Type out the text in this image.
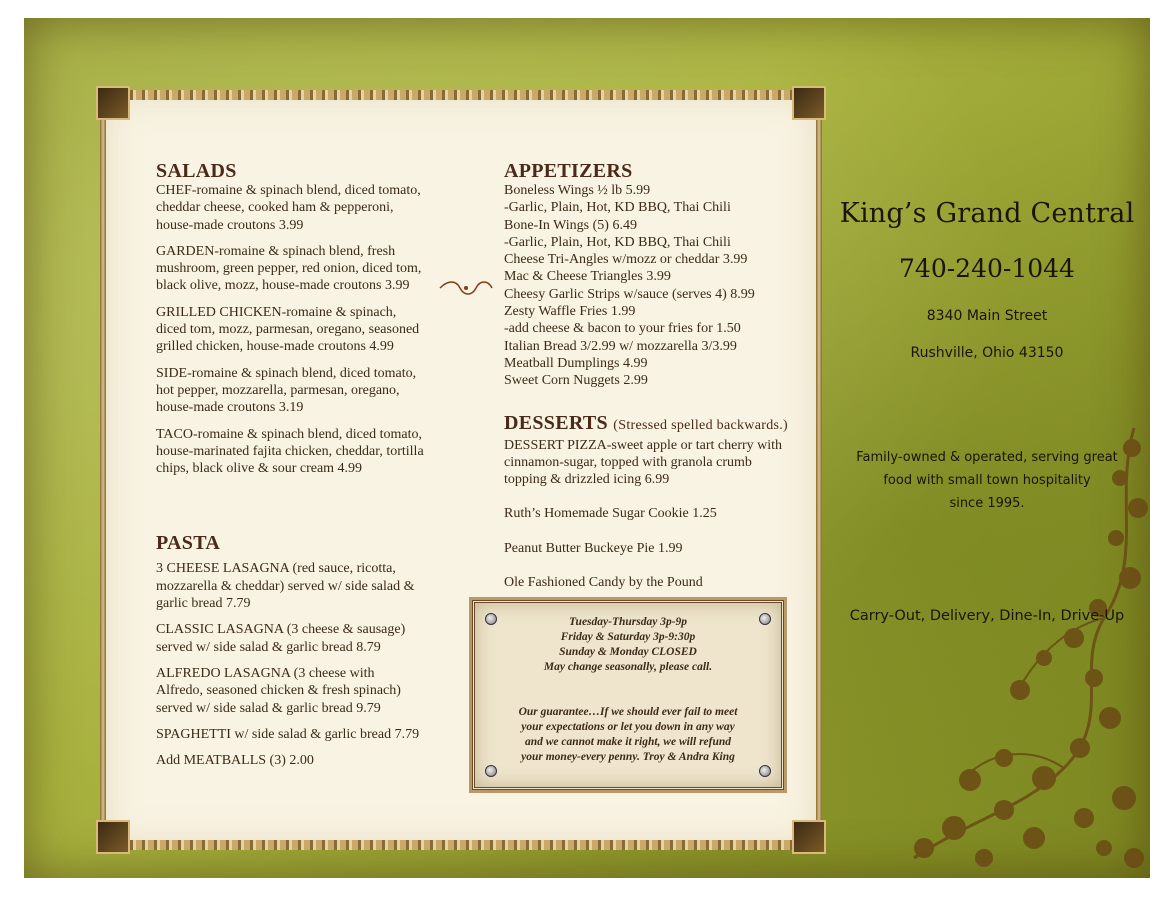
SALADS
CHEF-romaine & spinach blend, diced tomato,
cheddar cheese, cooked ham & pepperoni,
house-made croutons 3.99
GARDEN-romaine & spinach blend, fresh
mushroom, green pepper, red onion, diced tom,
black olive, mozz, house-made croutons 3.99
GRILLED CHICKEN-romaine & spinach,
diced tom, mozz, parmesan, oregano, seasoned
grilled chicken, house-made croutons 4.99
SIDE-romaine & spinach blend, diced tomato,
hot pepper, mozzarella, parmesan, oregano,
house-made croutons 3.19
TACO-romaine & spinach blend, diced tomato,
house-marinated fajita chicken, cheddar, tortilla
chips, black olive & sour cream 4.99
PASTA
3 CHEESE LASAGNA (red sauce, ricotta,
mozzarella & cheddar) served w/ side salad &
garlic bread 7.79
CLASSIC LASAGNA (3 cheese & sausage)
served w/ side salad & garlic bread 8.79
ALFREDO LASAGNA (3 cheese with
Alfredo, seasoned chicken & fresh spinach)
served w/ side salad & garlic bread 9.79
SPAGHETTI w/ side salad & garlic bread 7.79
Add MEATBALLS (3) 2.00
APPETIZERS
Boneless Wings ½ lb 5.99
-Garlic, Plain, Hot, KD BBQ, Thai Chili
Bone-In Wings (5) 6.49
-Garlic, Plain, Hot, KD BBQ, Thai Chili
Cheese Tri-Angles w/mozz or cheddar 3.99
Mac & Cheese Triangles 3.99
Cheesy Garlic Strips w/sauce (serves 4) 8.99
Zesty Waffle Fries 1.99
-add cheese & bacon to your fries for 1.50
Italian Bread 3/2.99 w/ mozzarella 3/3.99
Meatball Dumplings 4.99
Sweet Corn Nuggets 2.99
DESSERTS (Stressed spelled backwards.)
DESSERT PIZZA-sweet apple or tart cherry with
cinnamon-sugar, topped with granola crumb
topping & drizzled icing 6.99
Ruth’s Homemade Sugar Cookie 1.25
Peanut Butter Buckeye Pie 1.99
Ole Fashioned Candy by the Pound
Tuesday-Thursday 3p-9p
Friday & Saturday 3p-9:30p
Sunday & Monday CLOSED
May change seasonally, please call.
Our guarantee…If we should ever fail to meet
your expectations or let you down in any way
and we cannot make it right, we will refund
your money-every penny. Troy & Andra King
King’s Grand Central
740-240-1044
8340 Main Street
Rushville, Ohio 43150
Family-owned & operated, serving great
food with small town hospitality
since 1995.
Carry-Out, Delivery, Dine-In, Drive-Up
